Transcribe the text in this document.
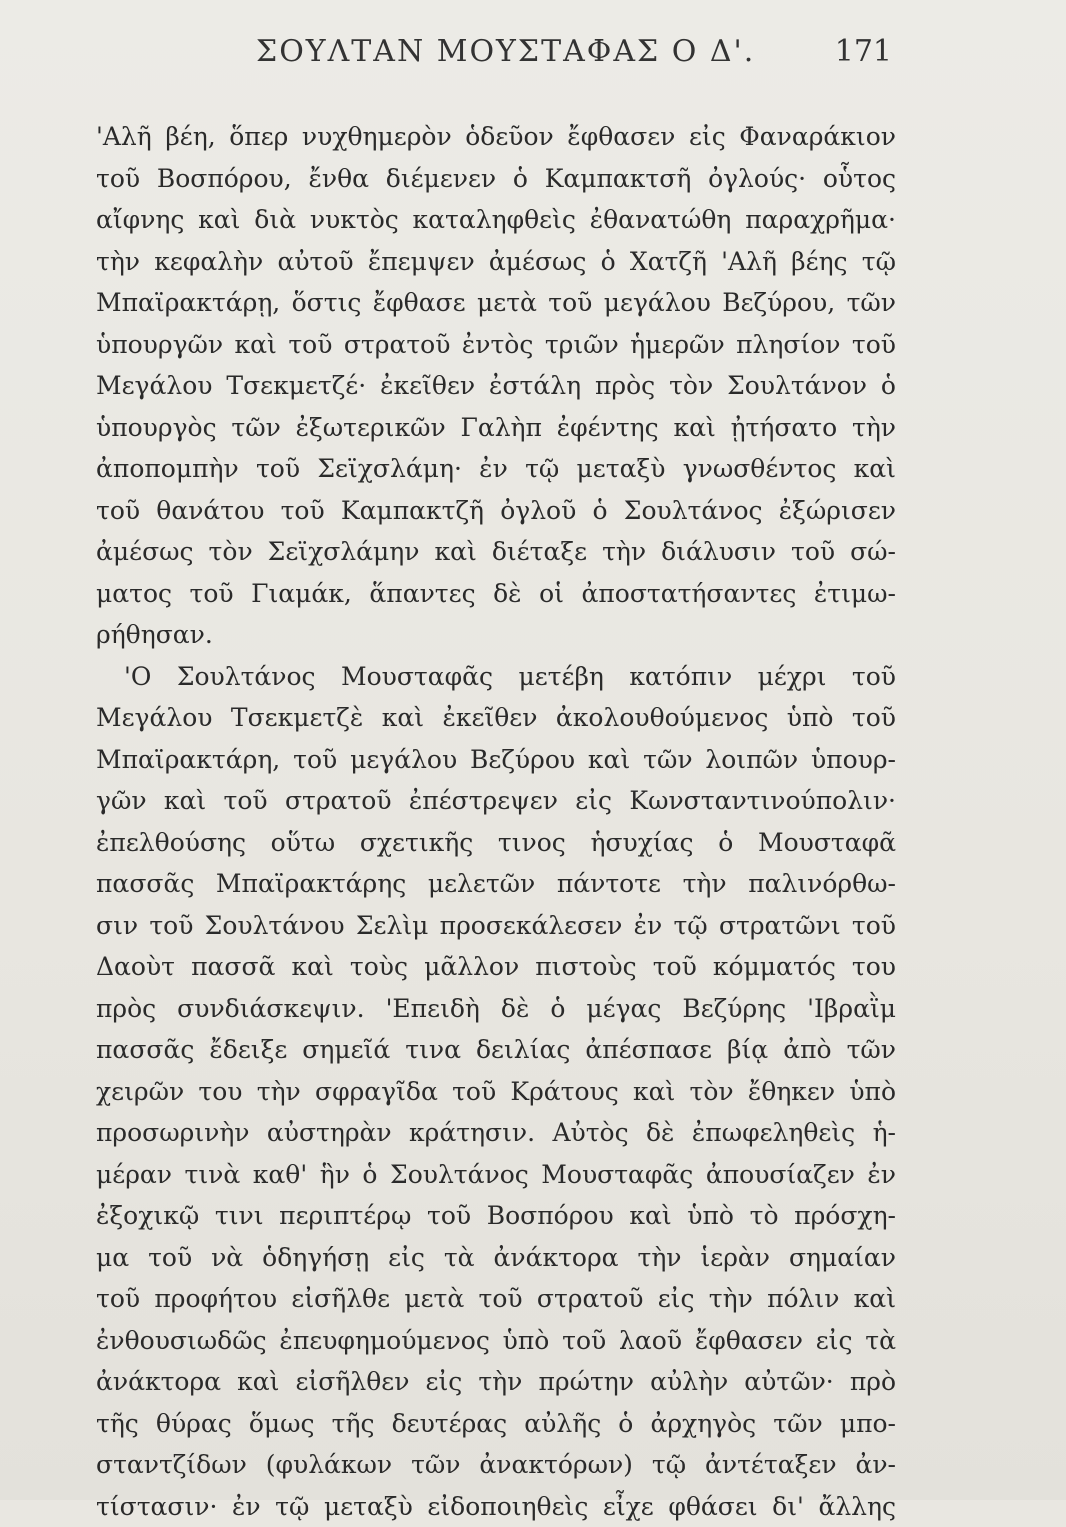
ΣΟΥΛΤΑΝ ΜΟΥΣΤΑΦΑΣ Ο Δ'.	171
'Αλῆ βέη, ὅπερ νυχθημερὸν ὁδεῦον ἔφθασεν εἰς Φαναράκιον
τοῦ Βοσπόρου, ἔνθα διέμενεν ὁ Καμπακτσῆ ὀγλούς· οὗτος
αἴφνης καὶ διὰ νυκτὸς καταληφθεὶς ἐθανατώθη παραχρῆμα·
τὴν κεφαλὴν αὐτοῦ ἔπεμψεν ἀμέσως ὁ Χατζῆ 'Αλῆ βέης τῷ
Μπαϊρακτάρῃ, ὅστις ἔφθασε μετὰ τοῦ μεγάλου Βεζύρου, τῶν
ὑπουργῶν καὶ τοῦ στρατοῦ ἐντὸς τριῶν ἡμερῶν πλησίον τοῦ
Μεγάλου Τσεκμετζέ· ἐκεῖθεν ἐστάλη πρὸς τὸν Σουλτάνον ὁ
ὑπουργὸς τῶν ἐξωτερικῶν Γαλὴπ ἐφέντης καὶ ᾐτήσατο τὴν
ἀποπομπὴν τοῦ Σεϊχσλάμη· ἐν τῷ μεταξὺ γνωσθέντος καὶ
τοῦ θανάτου τοῦ Καμπακτζῆ ὀγλοῦ ὁ Σουλτάνος ἐξώρισεν
ἀμέσως τὸν Σεϊχσλάμην καὶ διέταξε τὴν διάλυσιν τοῦ σώ-
ματος τοῦ Γιαμάκ, ἅπαντες δὲ οἱ ἀποστατήσαντες ἐτιμω-
ρήθησαν.
'Ο Σουλτάνος Μουσταφᾶς μετέβη κατόπιν μέχρι τοῦ
Μεγάλου Τσεκμετζὲ καὶ ἐκεῖθεν ἀκολουθούμενος ὑπὸ τοῦ
Μπαϊρακτάρη, τοῦ μεγάλου Βεζύρου καὶ τῶν λοιπῶν ὑπουρ-
γῶν καὶ τοῦ στρατοῦ ἐπέστρεψεν εἰς Κωνσταντινούπολιν·
ἐπελθούσης οὕτω σχετικῆς τινος ἡσυχίας ὁ Μουσταφᾶ
πασσᾶς Μπαϊρακτάρης μελετῶν πάντοτε τὴν παλινόρθω-
σιν τοῦ Σουλτάνου Σελὶμ προσεκάλεσεν ἐν τῷ στρατῶνι τοῦ
Δαοὺτ πασσᾶ καὶ τοὺς μᾶλλον πιστοὺς τοῦ κόμματός του
πρὸς συνδιάσκεψιν. 'Επειδὴ δὲ ὁ μέγας Βεζύρης 'Ιβραῒμ
πασσᾶς ἔδειξε σημεῖά τινα δειλίας ἀπέσπασε βίᾳ ἀπὸ τῶν
χειρῶν του τὴν σφραγῖδα τοῦ Κράτους καὶ τὸν ἔθηκεν ὑπὸ
προσωρινὴν αὐστηρὰν κράτησιν. Αὐτὸς δὲ ἐπωφεληθεὶς ἡ-
μέραν τινὰ καθ' ἣν ὁ Σουλτάνος Μουσταφᾶς ἀπουσίαζεν ἐν
ἐξοχικῷ τινι περιπτέρῳ τοῦ Βοσπόρου καὶ ὑπὸ τὸ πρόσχη-
μα τοῦ νὰ ὁδηγήσῃ εἰς τὰ ἀνάκτορα τὴν ἱερὰν σημαίαν
τοῦ προφήτου εἰσῆλθε μετὰ τοῦ στρατοῦ εἰς τὴν πόλιν καὶ
ἐνθουσιωδῶς ἐπευφημούμενος ὑπὸ τοῦ λαοῦ ἔφθασεν εἰς τὰ
ἀνάκτορα καὶ εἰσῆλθεν εἰς τὴν πρώτην αὐλὴν αὐτῶν· πρὸ
τῆς θύρας ὅμως τῆς δευτέρας αὐλῆς ὁ ἀρχηγὸς τῶν μπο-
σταντζίδων (φυλάκων τῶν ἀνακτόρων) τῷ ἀντέταξεν ἀν-
τίστασιν· ἐν τῷ μεταξὺ εἰδοποιηθεὶς εἶχε φθάσει δι' ἄλλης
